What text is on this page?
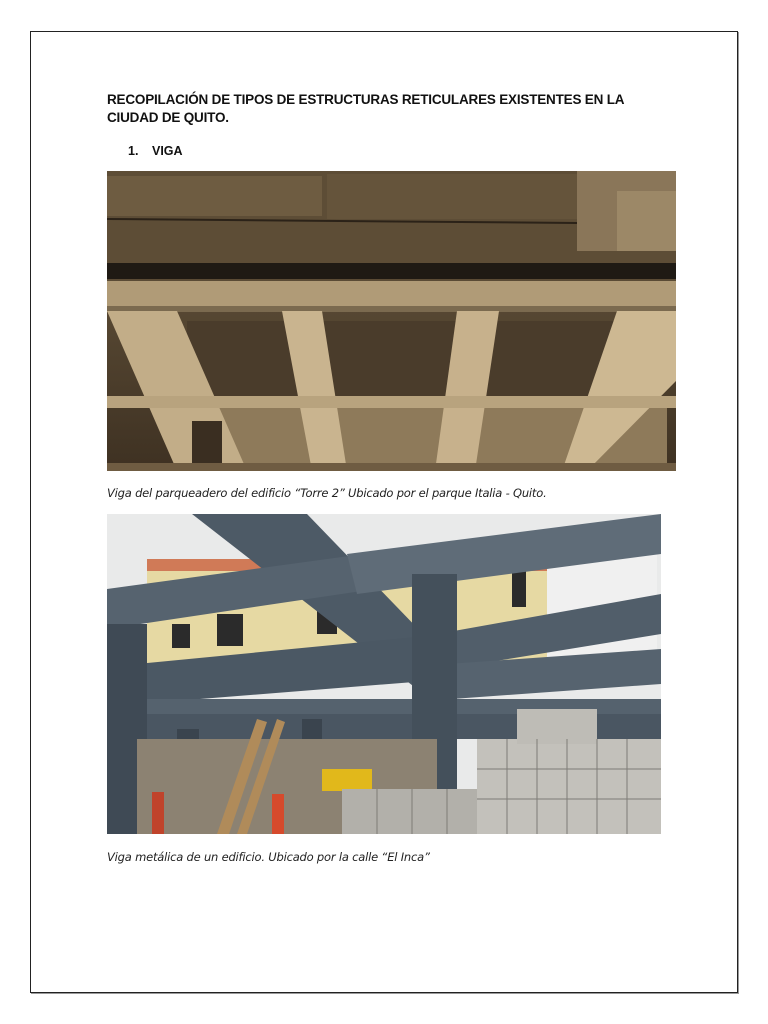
RECOPILACIÓN DE TIPOS DE ESTRUCTURAS RETICULARES EXISTENTES EN LA CIUDAD DE QUITO.
1. VIGA
Viga del parqueadero del edificio “Torre 2” Ubicado por el parque Italia - Quito.
Viga metálica de un edificio. Ubicado por la calle “El Inca”
